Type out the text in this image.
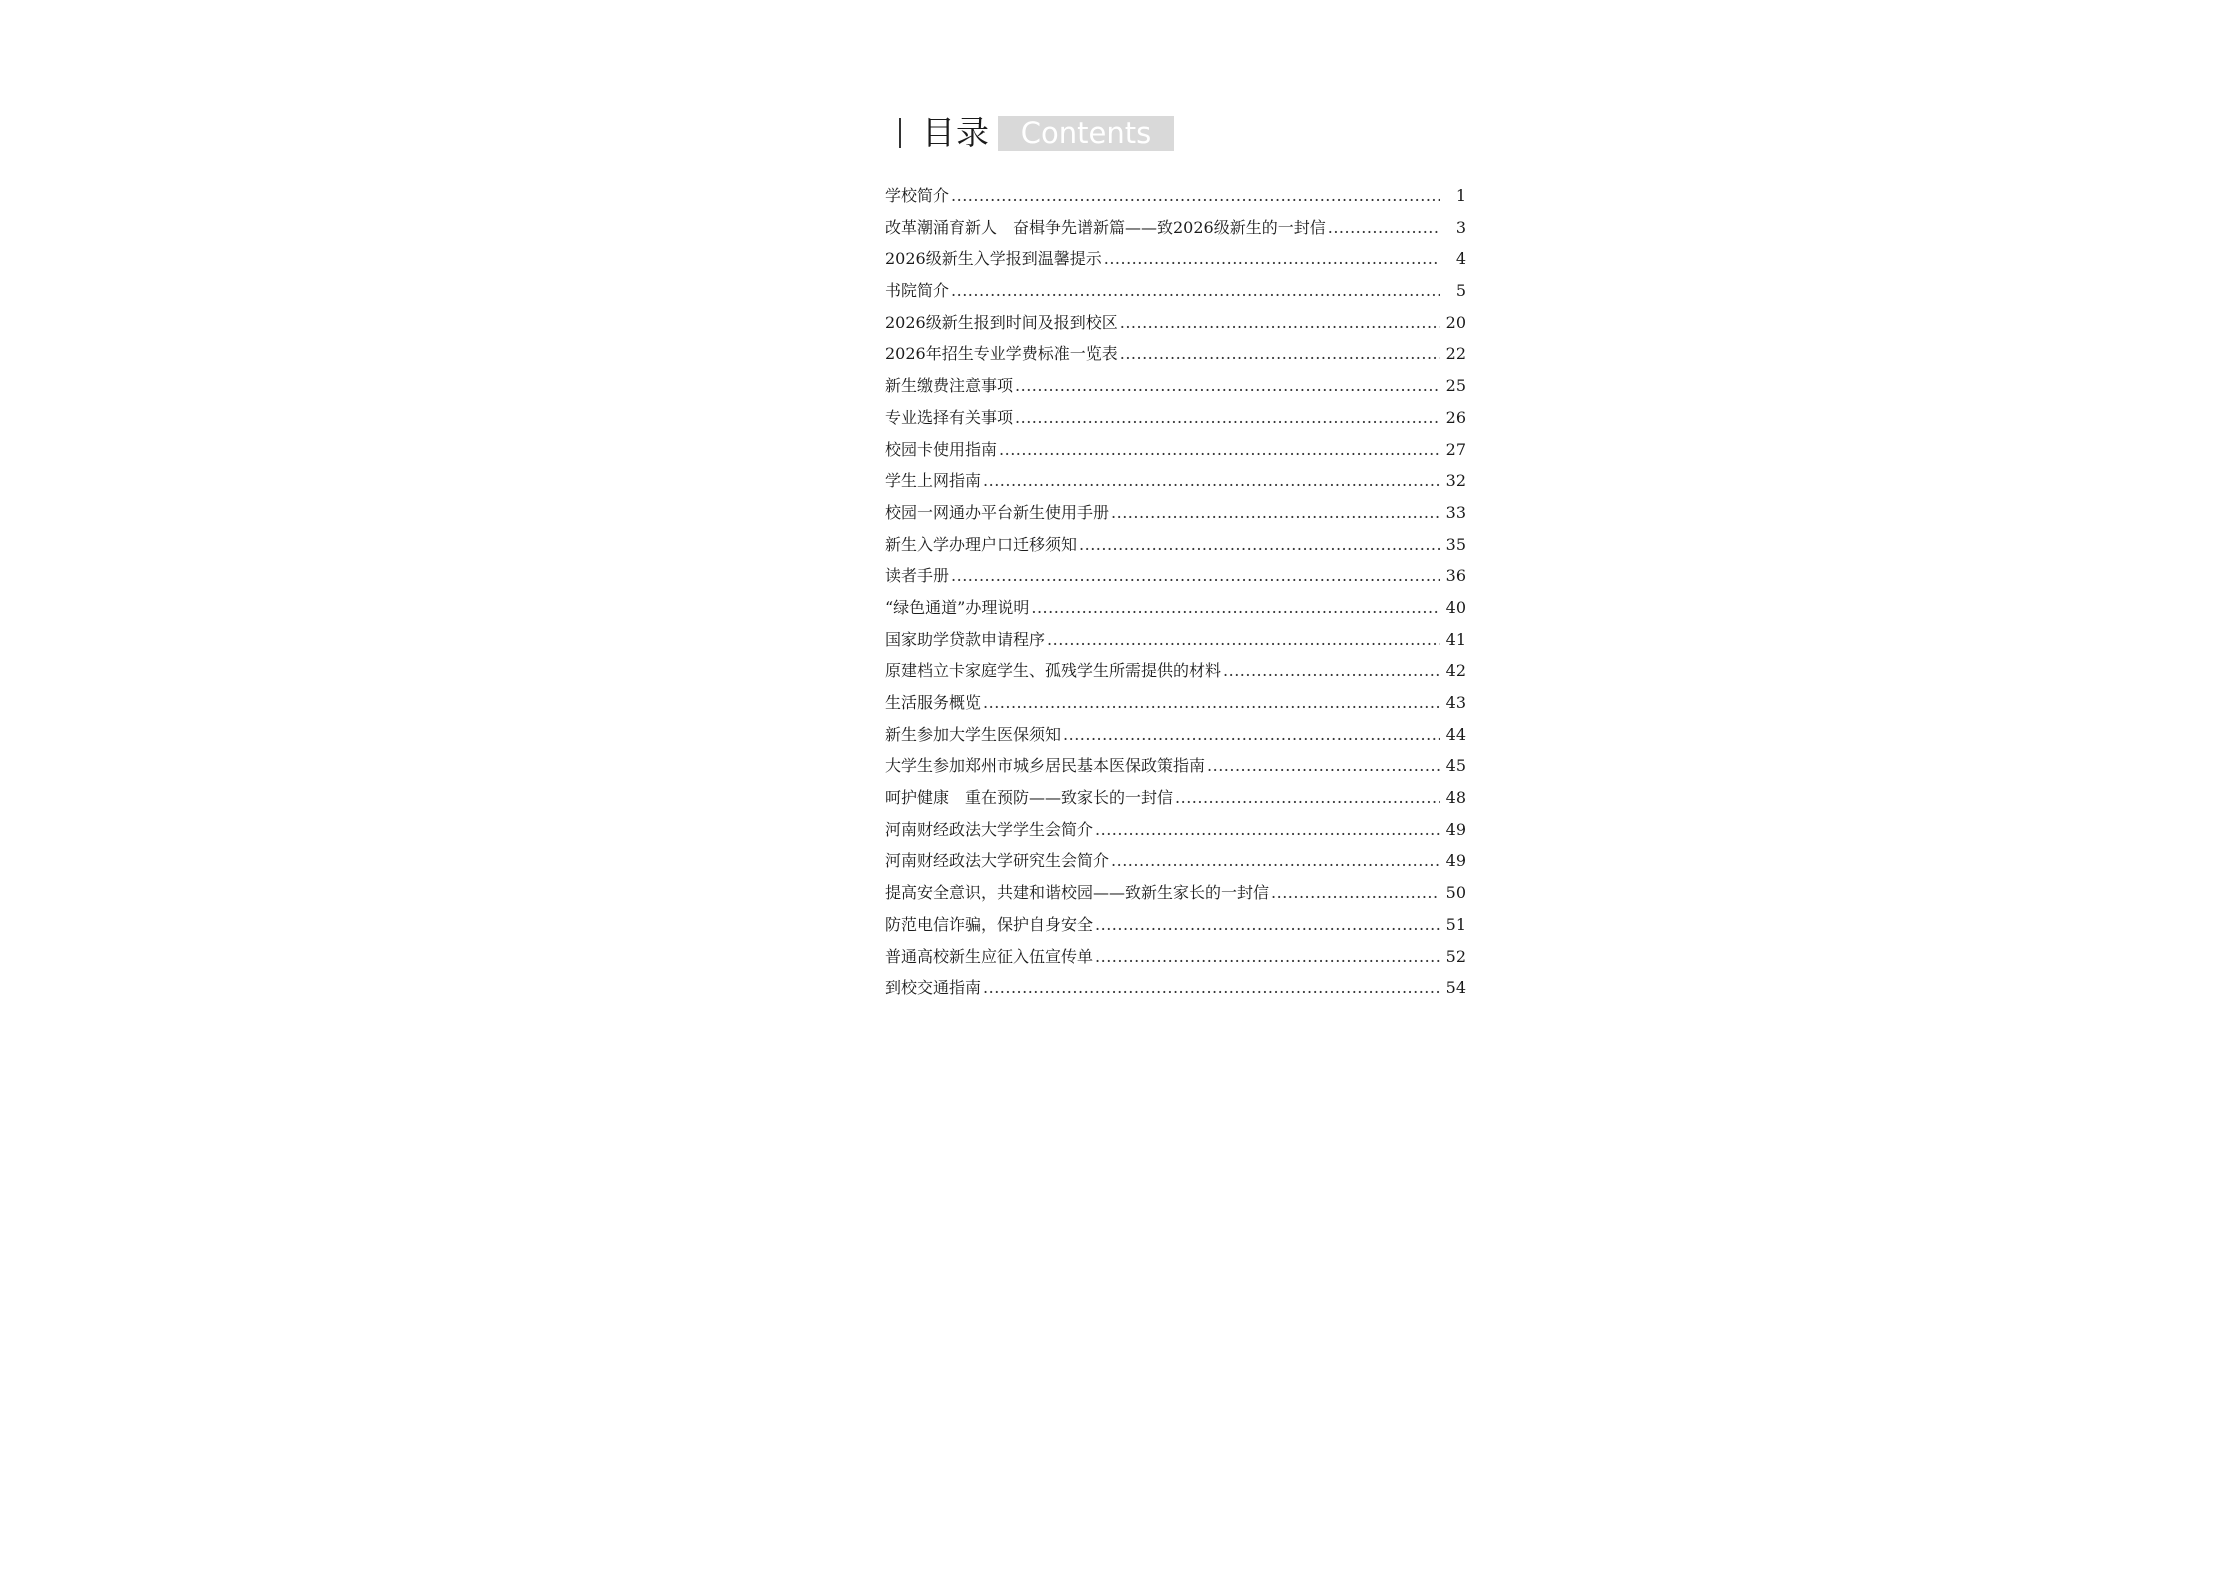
目录	Contents
学校简介 .....	1
改革潮涌育新人　奋楫争先谱新篇——致2026级新生的一封信 .....	3
2026级新生入学报到温馨提示 .....	4
书院简介 .....	5
2026级新生报到时间及报到校区 .....	20
2026年招生专业学费标准一览表 .....	22
新生缴费注意事项 .....	25
专业选择有关事项 .....	26
校园卡使用指南 .....	27
学生上网指南 .....	32
校园一网通办平台新生使用手册 .....	33
新生入学办理户口迁移须知 .....	35
读者手册 .....	36
“绿色通道”办理说明 .....	40
国家助学贷款申请程序 .....	41
原建档立卡家庭学生、孤残学生所需提供的材料 .....	42
生活服务概览 .....	43
新生参加大学生医保须知 .....	44
大学生参加郑州市城乡居民基本医保政策指南 .....	45
呵护健康　重在预防——致家长的一封信 .....	48
河南财经政法大学学生会简介 .....	49
河南财经政法大学研究生会简介 .....	49
提高安全意识，共建和谐校园——致新生家长的一封信 .....	50
防范电信诈骗，保护自身安全 .....	51
普通高校新生应征入伍宣传单 .....	52
到校交通指南 .....	54
